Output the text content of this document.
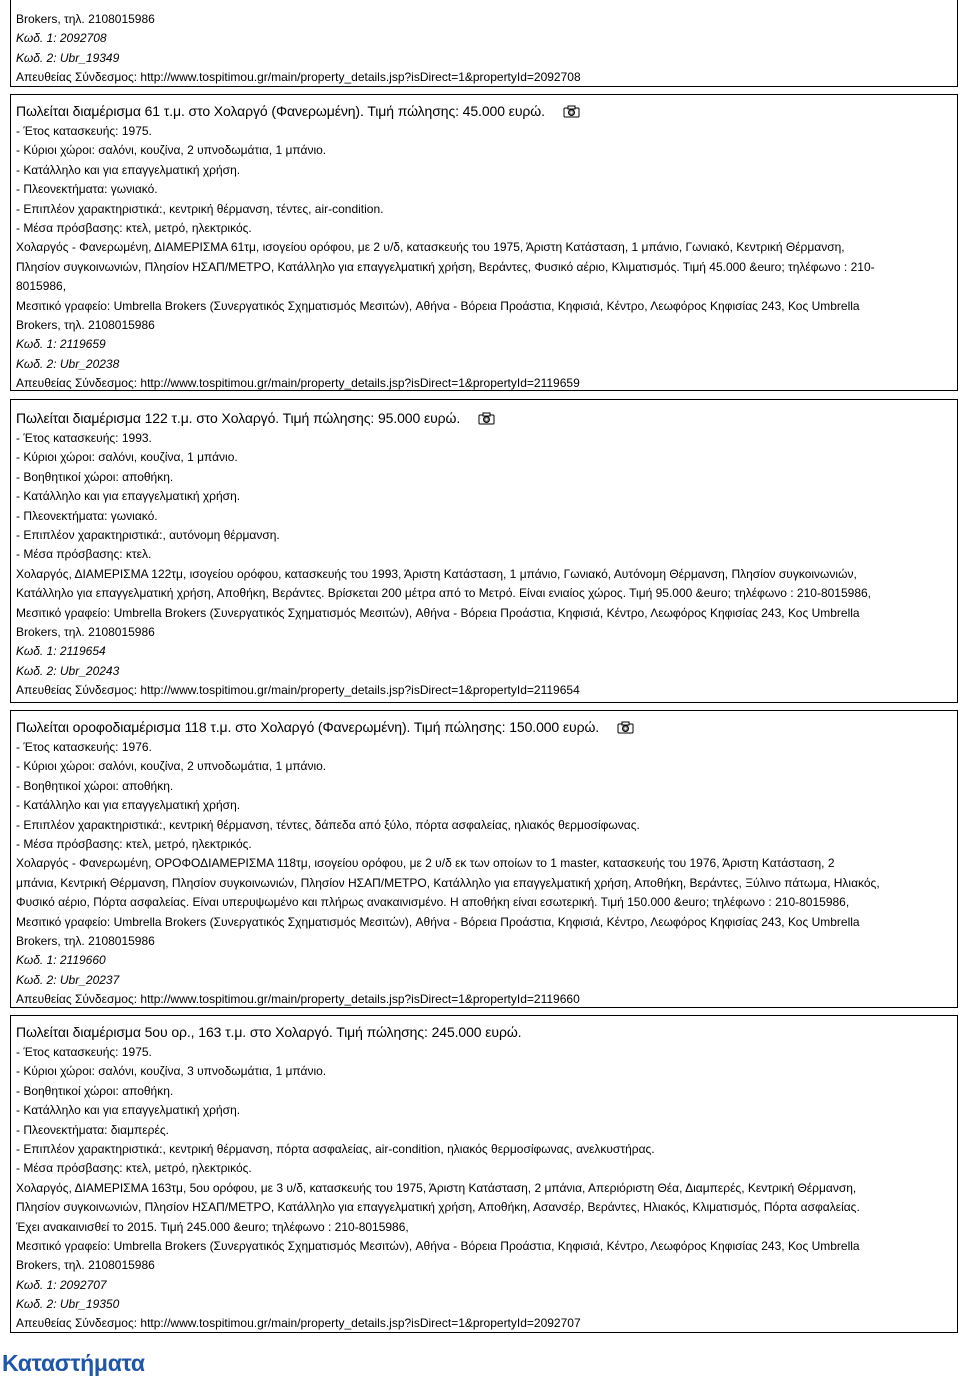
Brokers, τηλ. 2108015986
Κωδ. 1: 2092708
Κωδ. 2: Ubr_19349
Απευθείας Σύνδεσμος: http://www.tospitimou.gr/main/property_details.jsp?isDirect=1&propertyId=2092708
Πωλείται διαμέρισμα 61 τ.μ. στο Χολαργό (Φανερωμένη). Τιμή πώλησης: 45.000 ευρώ.
- Έτος κατασκευής: 1975.
- Κύριοι χώροι: σαλόνι, κουζίνα, 2 υπνοδωμάτια, 1 μπάνιο.
- Κατάλληλο και για επαγγελματική χρήση.
- Πλεονεκτήματα: γωνιακό.
- Επιπλέον χαρακτηριστικά:, κεντρική θέρμανση, τέντες, air-condition.
- Μέσα πρόσβασης: κτελ, μετρό, ηλεκτρικός.
Χολαργός - Φανερωμένη, ΔΙΑΜΕΡΙΣΜΑ 61τμ, ισογείου ορόφου, με 2 υ/δ, κατασκευής του 1975, Άριστη Κατάσταση, 1 μπάνιο, Γωνιακό, Κεντρική Θέρμανση,
Πλησίον συγκοινωνιών, Πλησίον ΗΣΑΠ/ΜΕΤΡΟ, Κατάλληλο για επαγγελματική χρήση, Βεράντες, Φυσικό αέριο, Κλιματισμός. Τιμή 45.000 &euro; τηλέφωνο : 210-
8015986,
Μεσιτικό γραφείο: Umbrella Brokers (Συνεργατικός Σχηματισμός Μεσιτών), Αθήνα - Βόρεια Προάστια, Κηφισιά, Κέντρο, Λεωφόρος Κηφισίας 243, Κος Umbrella
Brokers, τηλ. 2108015986
Κωδ. 1: 2119659
Κωδ. 2: Ubr_20238
Απευθείας Σύνδεσμος: http://www.tospitimou.gr/main/property_details.jsp?isDirect=1&propertyId=2119659
Πωλείται διαμέρισμα 122 τ.μ. στο Χολαργό. Τιμή πώλησης: 95.000 ευρώ.
- Έτος κατασκευής: 1993.
- Κύριοι χώροι: σαλόνι, κουζίνα, 1 μπάνιο.
- Βοηθητικοί χώροι: αποθήκη.
- Κατάλληλο και για επαγγελματική χρήση.
- Πλεονεκτήματα: γωνιακό.
- Επιπλέον χαρακτηριστικά:, αυτόνομη θέρμανση.
- Μέσα πρόσβασης: κτελ.
Χολαργός, ΔΙΑΜΕΡΙΣΜΑ 122τμ, ισογείου ορόφου, κατασκευής του 1993, Άριστη Κατάσταση, 1 μπάνιο, Γωνιακό, Αυτόνομη Θέρμανση, Πλησίον συγκοινωνιών,
Κατάλληλο για επαγγελματική χρήση, Αποθήκη, Βεράντες. Βρίσκεται 200 μέτρα από το Μετρό. Είναι ενιαίος χώρος. Τιμή 95.000 &euro; τηλέφωνο : 210-8015986,
Μεσιτικό γραφείο: Umbrella Brokers (Συνεργατικός Σχηματισμός Μεσιτών), Αθήνα - Βόρεια Προάστια, Κηφισιά, Κέντρο, Λεωφόρος Κηφισίας 243, Κος Umbrella
Brokers, τηλ. 2108015986
Κωδ. 1: 2119654
Κωδ. 2: Ubr_20243
Απευθείας Σύνδεσμος: http://www.tospitimou.gr/main/property_details.jsp?isDirect=1&propertyId=2119654
Πωλείται οροφοδιαμέρισμα 118 τ.μ. στο Χολαργό (Φανερωμένη). Τιμή πώλησης: 150.000 ευρώ.
- Έτος κατασκευής: 1976.
- Κύριοι χώροι: σαλόνι, κουζίνα, 2 υπνοδωμάτια, 1 μπάνιο.
- Βοηθητικοί χώροι: αποθήκη.
- Κατάλληλο και για επαγγελματική χρήση.
- Επιπλέον χαρακτηριστικά:, κεντρική θέρμανση, τέντες, δάπεδα από ξύλο, πόρτα ασφαλείας, ηλιακός θερμοσίφωνας.
- Μέσα πρόσβασης: κτελ, μετρό, ηλεκτρικός.
Χολαργός - Φανερωμένη, ΟΡΟΦΟΔΙΑΜΕΡΙΣΜΑ 118τμ, ισογείου ορόφου, με 2 υ/δ εκ των οποίων το 1 master, κατασκευής του 1976, Άριστη Κατάσταση, 2
μπάνια, Κεντρική Θέρμανση, Πλησίον συγκοινωνιών, Πλησίον ΗΣΑΠ/ΜΕΤΡΟ, Κατάλληλο για επαγγελματική χρήση, Αποθήκη, Βεράντες, Ξύλινο πάτωμα, Ηλιακός,
Φυσικό αέριο, Πόρτα ασφαλείας. Είναι υπερυψωμένο και πλήρως ανακαινισμένο. Η αποθήκη είναι εσωτερική. Τιμή 150.000 &euro; τηλέφωνο : 210-8015986,
Μεσιτικό γραφείο: Umbrella Brokers (Συνεργατικός Σχηματισμός Μεσιτών), Αθήνα - Βόρεια Προάστια, Κηφισιά, Κέντρο, Λεωφόρος Κηφισίας 243, Κος Umbrella
Brokers, τηλ. 2108015986
Κωδ. 1: 2119660
Κωδ. 2: Ubr_20237
Απευθείας Σύνδεσμος: http://www.tospitimou.gr/main/property_details.jsp?isDirect=1&propertyId=2119660
Πωλείται διαμέρισμα 5ου ορ., 163 τ.μ. στο Χολαργό. Τιμή πώλησης: 245.000 ευρώ.
- Έτος κατασκευής: 1975.
- Κύριοι χώροι: σαλόνι, κουζίνα, 3 υπνοδωμάτια, 1 μπάνιο.
- Βοηθητικοί χώροι: αποθήκη.
- Κατάλληλο και για επαγγελματική χρήση.
- Πλεονεκτήματα: διαμπερές.
- Επιπλέον χαρακτηριστικά:, κεντρική θέρμανση, πόρτα ασφαλείας, air-condition, ηλιακός θερμοσίφωνας, ανελκυστήρας.
- Μέσα πρόσβασης: κτελ, μετρό, ηλεκτρικός.
Χολαργός, ΔΙΑΜΕΡΙΣΜΑ 163τμ, 5ου ορόφου, με 3 υ/δ, κατασκευής του 1975, Άριστη Κατάσταση, 2 μπάνια, Απεριόριστη Θέα, Διαμπερές, Κεντρική Θέρμανση,
Πλησίον συγκοινωνιών, Πλησίον ΗΣΑΠ/ΜΕΤΡΟ, Κατάλληλο για επαγγελματική χρήση, Αποθήκη, Ασανσέρ, Βεράντες, Ηλιακός, Κλιματισμός, Πόρτα ασφαλείας.
Έχει ανακαινισθεί το 2015. Τιμή 245.000 &euro; τηλέφωνο : 210-8015986,
Μεσιτικό γραφείο: Umbrella Brokers (Συνεργατικός Σχηματισμός Μεσιτών), Αθήνα - Βόρεια Προάστια, Κηφισιά, Κέντρο, Λεωφόρος Κηφισίας 243, Κος Umbrella
Brokers, τηλ. 2108015986
Κωδ. 1: 2092707
Κωδ. 2: Ubr_19350
Απευθείας Σύνδεσμος: http://www.tospitimou.gr/main/property_details.jsp?isDirect=1&propertyId=2092707
Καταστήματα
